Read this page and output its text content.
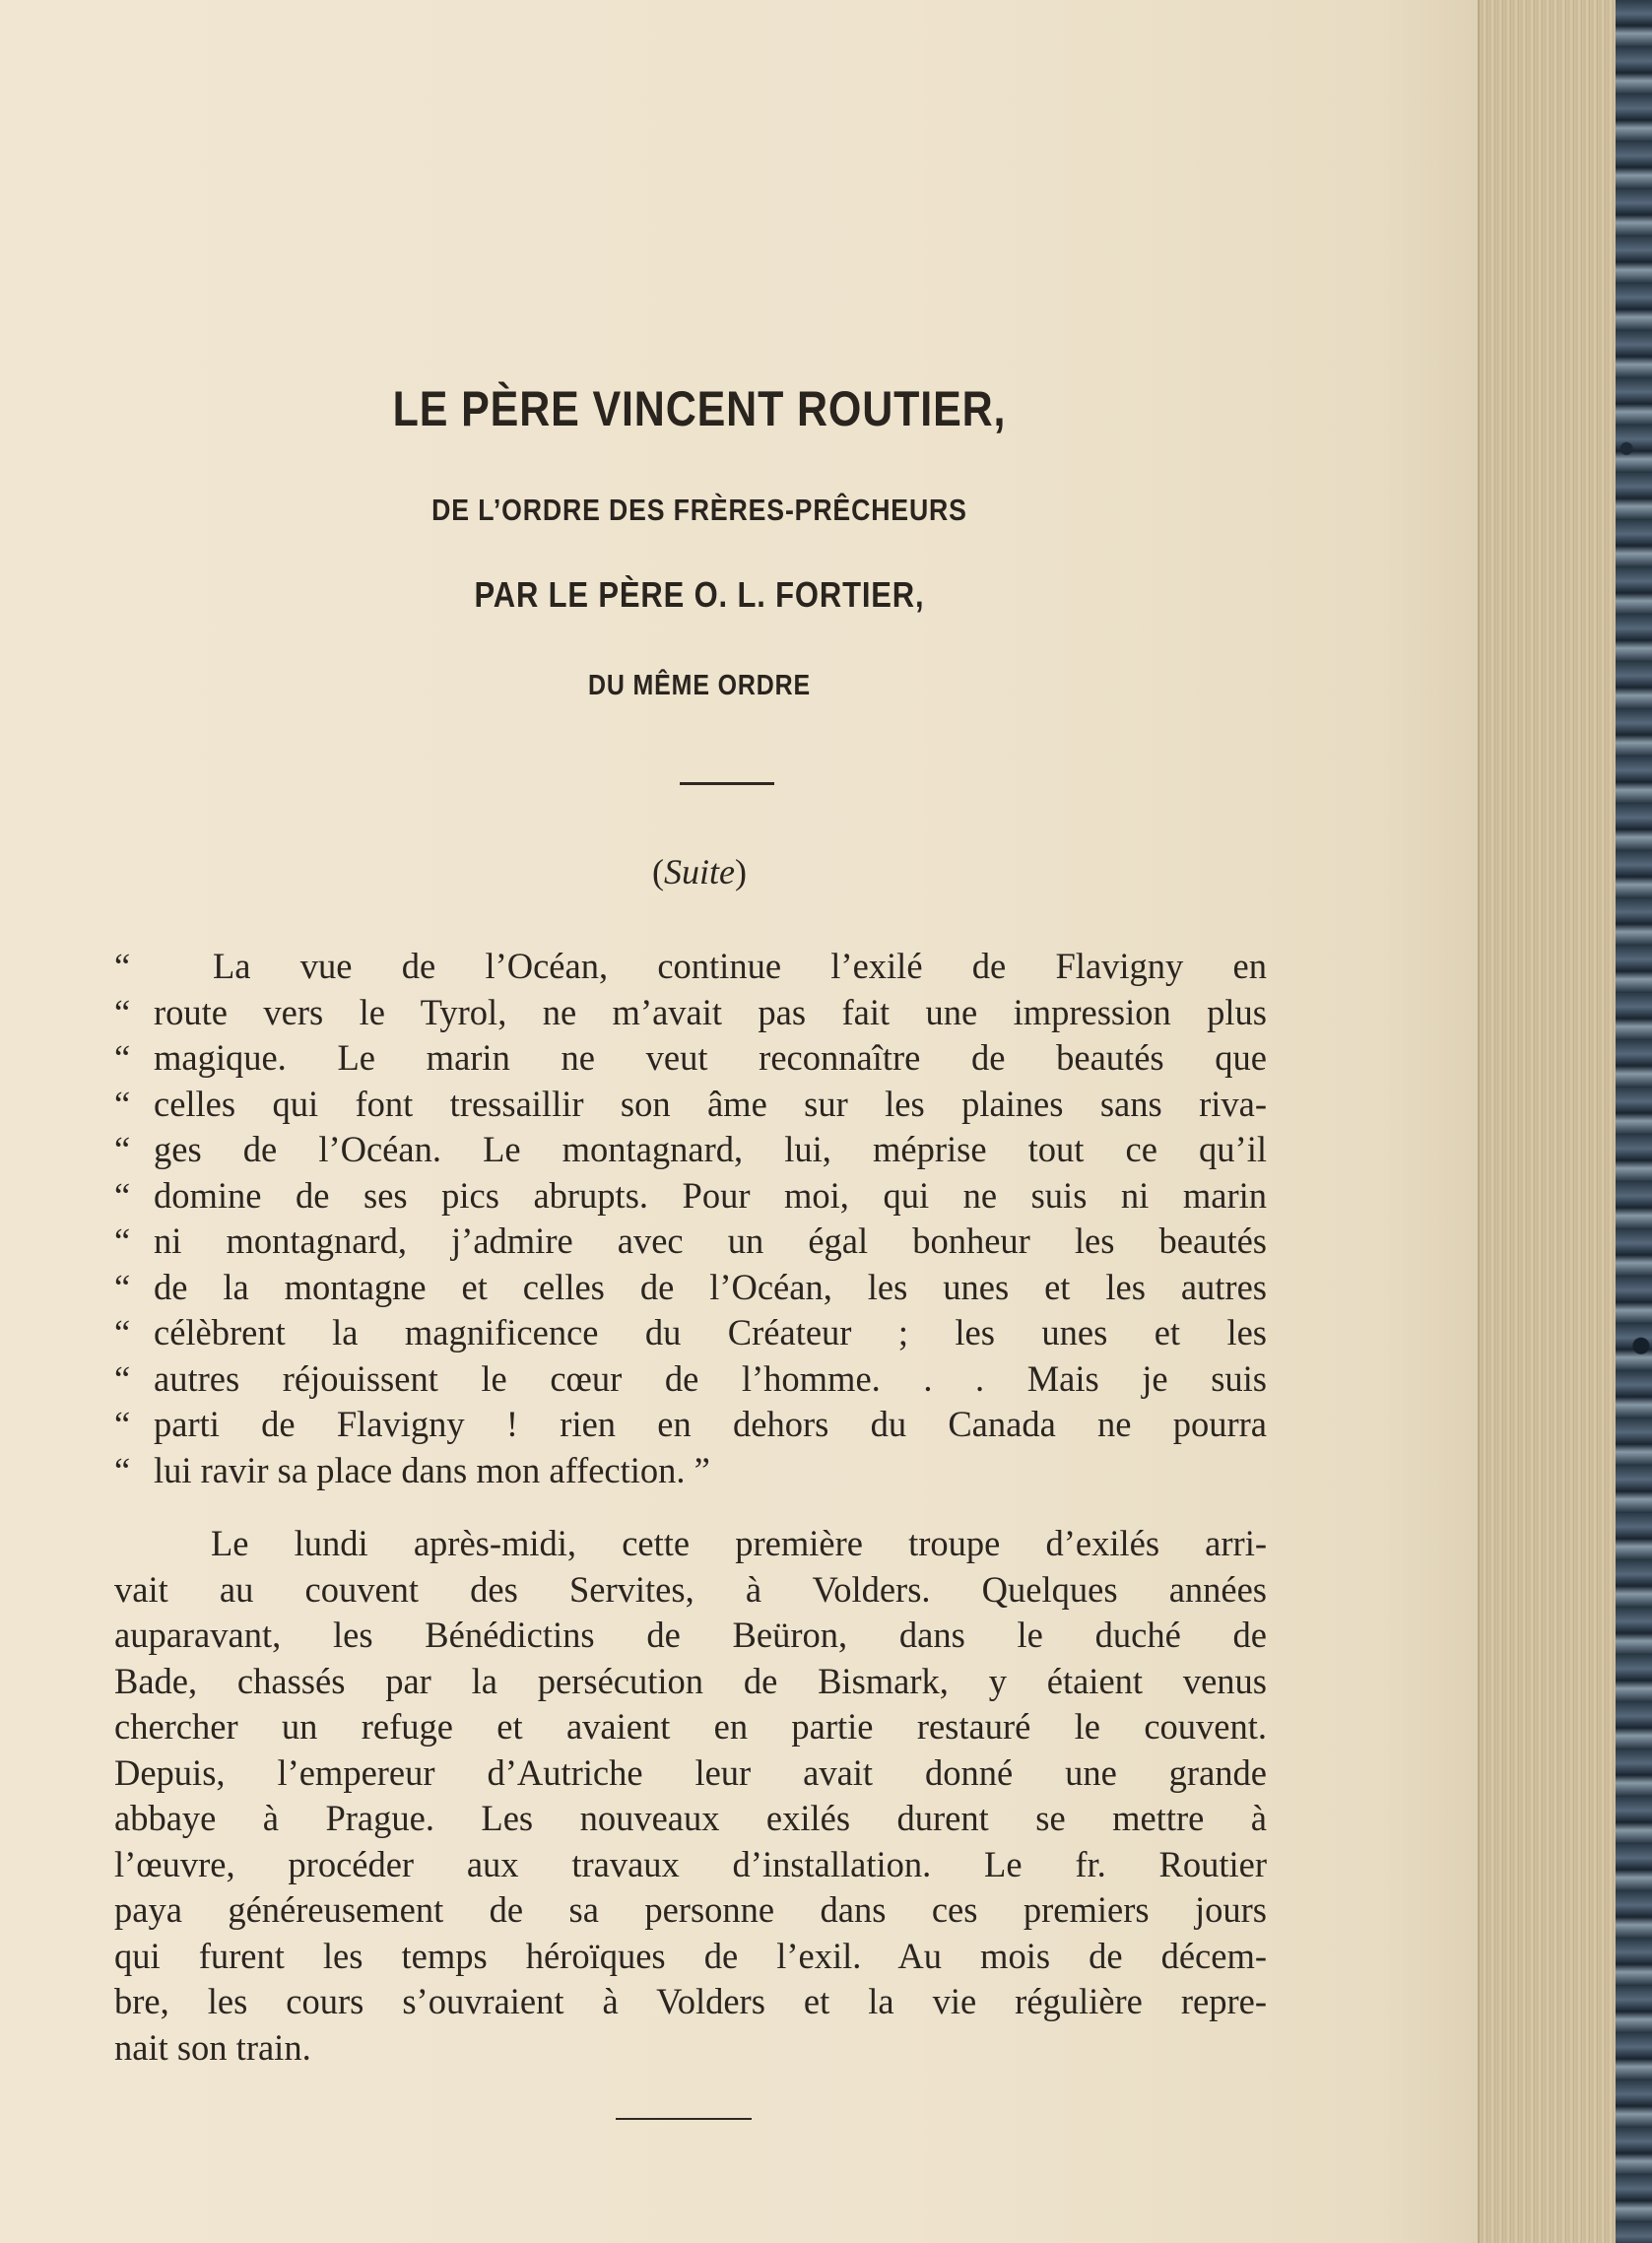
LE PÈRE VINCENT ROUTIER,
DE L’ORDRE DES FRÈRES-PRÊCHEURS
PAR LE PÈRE O. L. FORTIER,
DU MÊME ORDRE

(Suite)

“	La vue de l’Océan, continue l’exilé de Flavigny en
“ route vers le Tyrol, ne m’avait pas fait une impression plus
“ magique. Le marin ne veut reconnaître de beautés que
“ celles qui font tressaillir son âme sur les plaines sans riva-
“ ges de l’Océan. Le montagnard, lui, méprise tout ce qu’il
“ domine de ses pics abrupts. Pour moi, qui ne suis ni marin
“ ni montagnard, j’admire avec un égal bonheur les beautés
“ de la montagne et celles de l’Océan, les unes et les autres
“ célèbrent la magnificence du Créateur ; les unes et les
“ autres réjouissent le cœur de l’homme. . . Mais je suis
“ parti de Flavigny ! rien en dehors du Canada ne pourra
“ lui ravir sa place dans mon affection. ”
Le lundi après-midi, cette première troupe d’exilés arri-
vait au couvent des Servites, à Volders. Quelques années
auparavant, les Bénédictins de Beüron, dans le duché de
Bade, chassés par la persécution de Bismark, y étaient venus
chercher un refuge et avaient en partie restauré le couvent.
Depuis, l’empereur d’Autriche leur avait donné une grande
abbaye à Prague. Les nouveaux exilés durent se mettre à
l’œuvre, procéder aux travaux d’installation. Le fr. Routier
paya généreusement de sa personne dans ces premiers jours
qui furent les temps héroïques de l’exil. Au mois de décem-
bre, les cours s’ouvraient à Volders et la vie régulière repre-
nait son train.
